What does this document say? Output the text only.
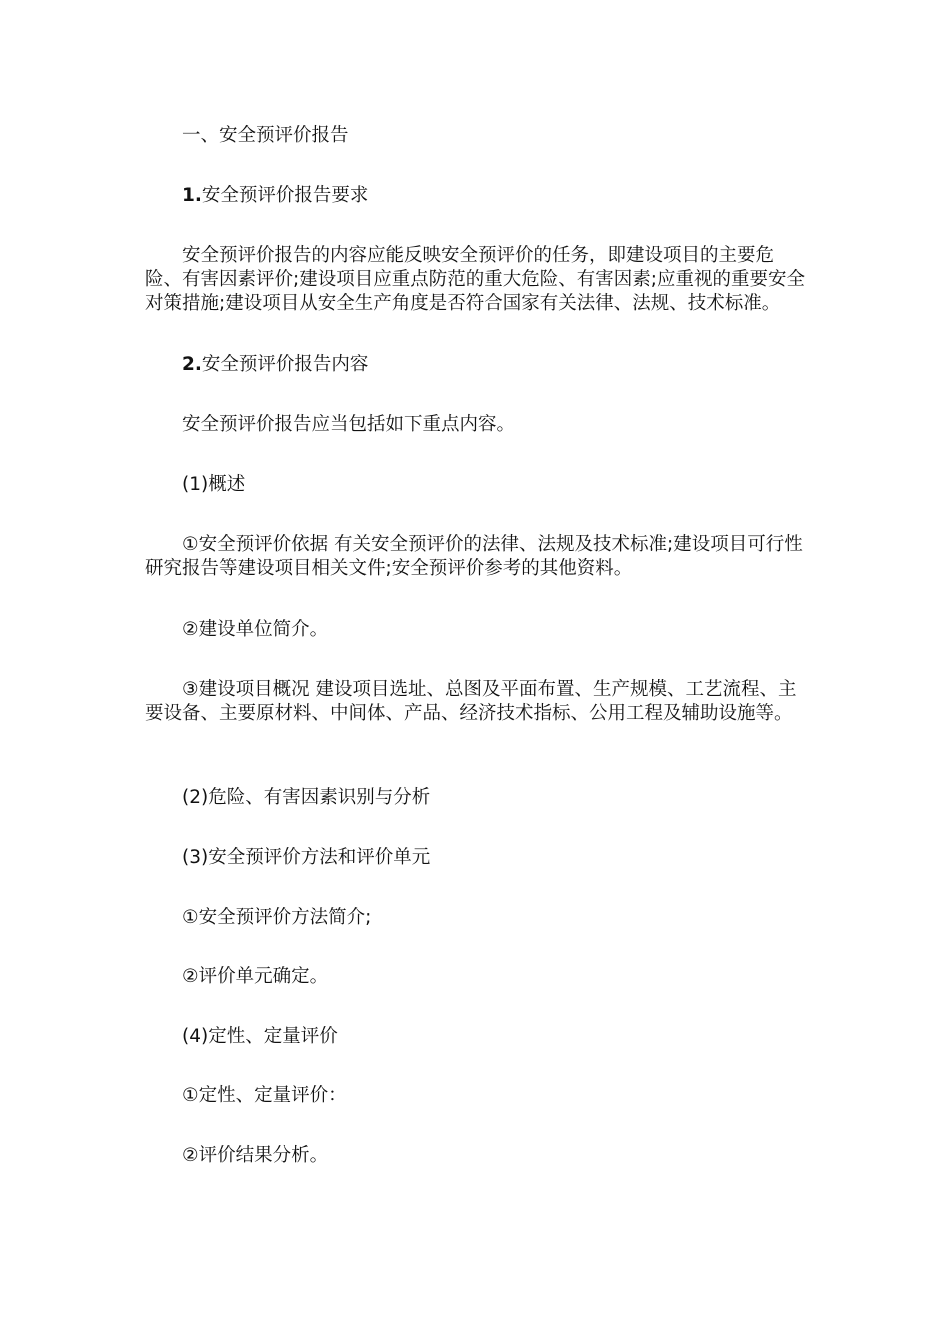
一、安全预评价报告

1.安全预评价报告要求

安全预评价报告的内容应能反映安全预评价的任务，即建设项目的主要危险、有害因素评价;建设项目应重点防范的重大危险、有害因素;应重视的重要安全对策措施;建设项目从安全生产角度是否符合国家有关法律、法规、技术标准。

2.安全预评价报告内容

安全预评价报告应当包括如下重点内容。

(1)概述

①安全预评价依据 有关安全预评价的法律、法规及技术标准;建设项目可行性研究报告等建设项目相关文件;安全预评价参考的其他资料。

②建设单位简介。

③建设项目概况 建设项目选址、总图及平面布置、生产规模、工艺流程、主要设备、主要原材料、中间体、产品、经济技术指标、公用工程及辅助设施等。

(2)危险、有害因素识别与分析

(3)安全预评价方法和评价单元

①安全预评价方法简介;

②评价单元确定。

(4)定性、定量评价

①定性、定量评价：

②评价结果分析。
